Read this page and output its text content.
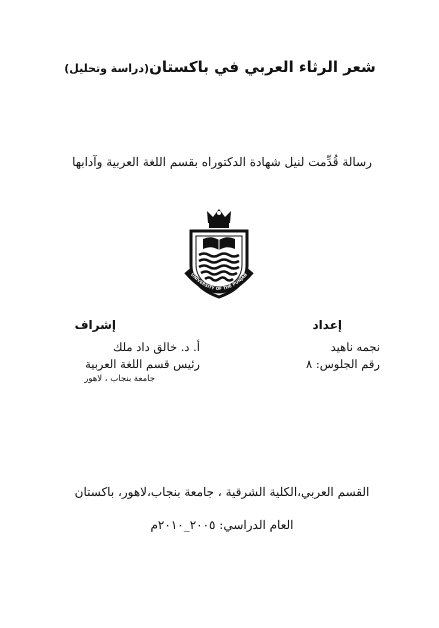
شعر الرثاء العربي في باكستان(دراسة وتحليل)
رسالة قُدِّمت لنيل شهادة الدكتوراه بقسم اللغة العربية وآدابها
UNIVERSITY OF THE PUNJAB
إعداد
نجمه ناهيد
رقم الجلوس: ٨
إشراف
أ. د. خالق داد ملك
رئيس قسم اللغة العربية
جامعة بنجاب ، لاهور
القسم العربي،الكلية الشرقية ، جامعة بنجاب،لاهور، باكستان
العام الدراسي: ٢٠٠٥_٢٠١٠م
